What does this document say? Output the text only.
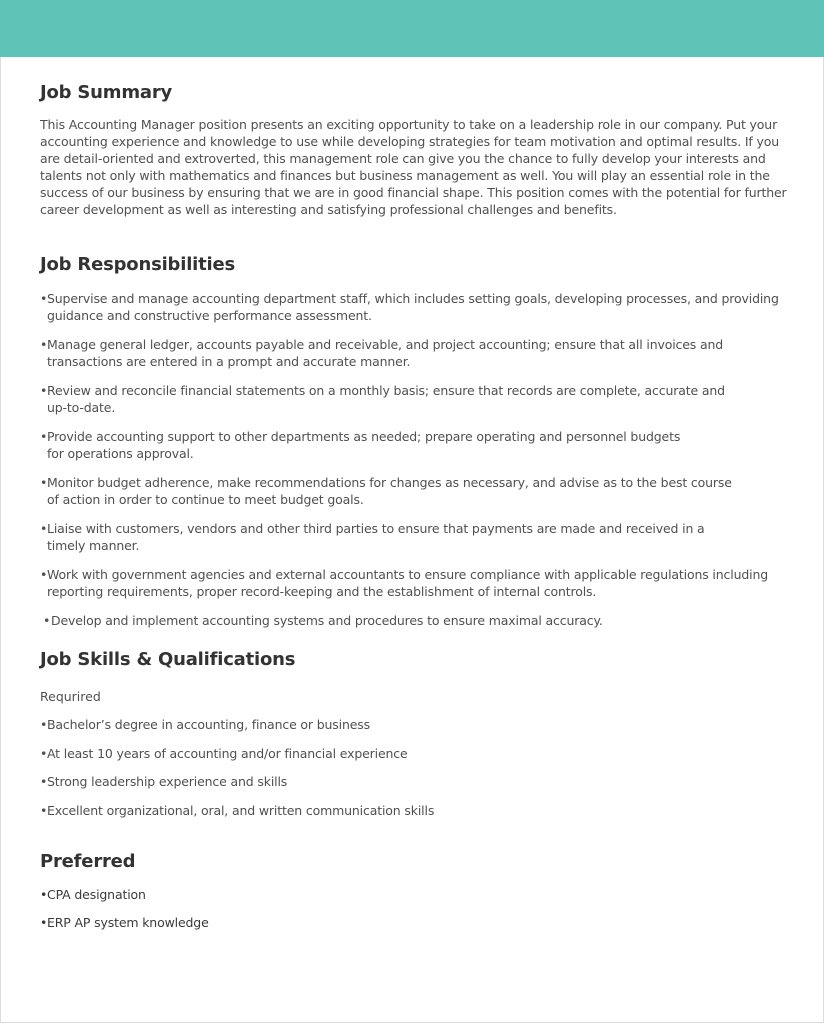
Job Summary

This Accounting Manager position presents an exciting opportunity to take on a leadership role in our company. Put your accounting experience and knowledge to use while developing strategies for team motivation and optimal results. If you are detail-oriented and extroverted, this management role can give you the chance to fully develop your interests and talents not only with mathematics and finances but business management as well. You will play an essential role in the success of our business by ensuring that we are in good financial shape. This position comes with the potential for further career development as well as interesting and satisfying professional challenges and benefits.

Job Responsibilities
• Supervise and manage accounting department staff, which includes setting goals, developing processes, and providing
guidance and constructive performance assessment.
• Manage general ledger, accounts payable and receivable, and project accounting; ensure that all invoices and
transactions are entered in a prompt and accurate manner.
• Review and reconcile financial statements on a monthly basis; ensure that records are complete, accurate and
up-to-date.
• Provide accounting support to other departments as needed; prepare operating and personnel budgets
for operations approval.
• Monitor budget adherence, make recommendations for changes as necessary, and advise as to the best course
of action in order to continue to meet budget goals.
• Liaise with customers, vendors and other third parties to ensure that payments are made and received in a
timely manner.
• Work with government agencies and external accountants to ensure compliance with applicable regulations including
reporting requirements, proper record-keeping and the establishment of internal controls.
• Develop and implement accounting systems and procedures to ensure maximal accuracy.
Job Skills & Qualifications
Requrired
• Bachelor’s degree in accounting, finance or business
• At least 10 years of accounting and/or financial experience
• Strong leadership experience and skills
• Excellent organizational, oral, and written communication skills
Preferred
• CPA designation
• ERP AP system knowledge
